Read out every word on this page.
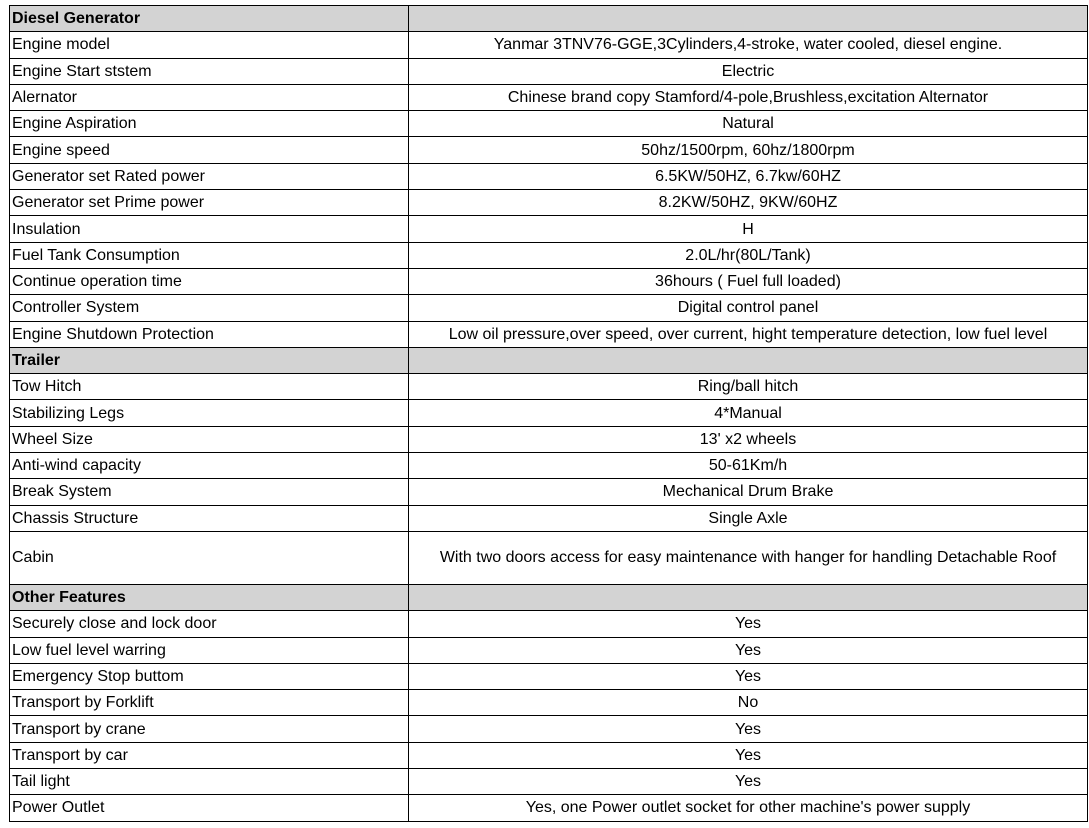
Diesel Generator	
Engine model	Yanmar 3TNV76-GGE,3Cylinders,4-stroke, water cooled, diesel engine.
Engine Start ststem	Electric
Alernator	Chinese brand copy Stamford/4-pole,Brushless,excitation Alternator
Engine Aspiration	Natural
Engine speed	50hz/1500rpm, 60hz/1800rpm
Generator set Rated power	6.5KW/50HZ, 6.7kw/60HZ
Generator set Prime power	8.2KW/50HZ, 9KW/60HZ
Insulation	H
Fuel Tank Consumption	2.0L/hr(80L/Tank)
Continue operation time	36hours ( Fuel full loaded)
Controller System	Digital control panel
Engine Shutdown Protection	Low oil pressure,over speed, over current, hight temperature detection, low fuel level
Trailer	
Tow Hitch	Ring/ball hitch
Stabilizing Legs	4*Manual
Wheel Size	13' x2 wheels
Anti-wind capacity	50-61Km/h
Break System	Mechanical Drum Brake
Chassis Structure	Single Axle
Cabin	With two doors access for easy maintenance with hanger for handling Detachable Roof
Other Features	
Securely close and lock door	Yes
Low fuel level warring	Yes
Emergency Stop buttom	Yes
Transport by Forklift	No
Transport by crane	Yes
Transport by car	Yes
Tail light	Yes
Power Outlet	Yes, one Power outlet socket for other machine's power supply
